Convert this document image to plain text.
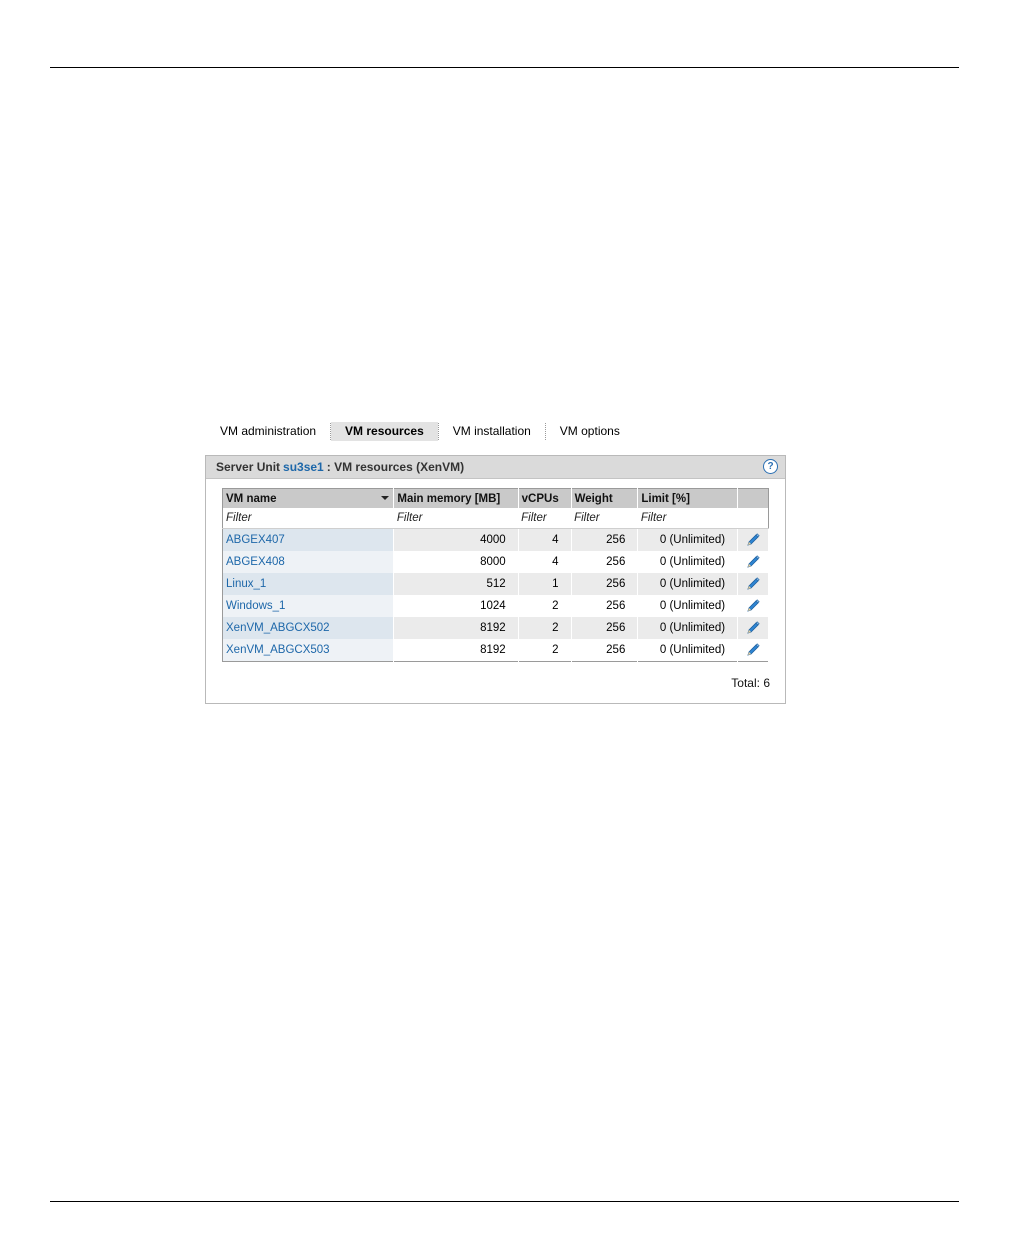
VM administration	VM resources	VM installation	VM options
Server Unit su3se1 : VM resources (XenVM)	?
VM name	Main memory [MB]	vCPUs	Weight	Limit [%]	
Filter	Filter	Filter	Filter	Filter	
ABGEX407	4000	4	256	0 (Unlimited)	
ABGEX408	8000	4	256	0 (Unlimited)	
Linux_1	512	1	256	0 (Unlimited)	
Windows_1	1024	2	256	0 (Unlimited)	
XenVM_ABGCX502	8192	2	256	0 (Unlimited)	
XenVM_ABGCX503	8192	2	256	0 (Unlimited)	
Total: 6
